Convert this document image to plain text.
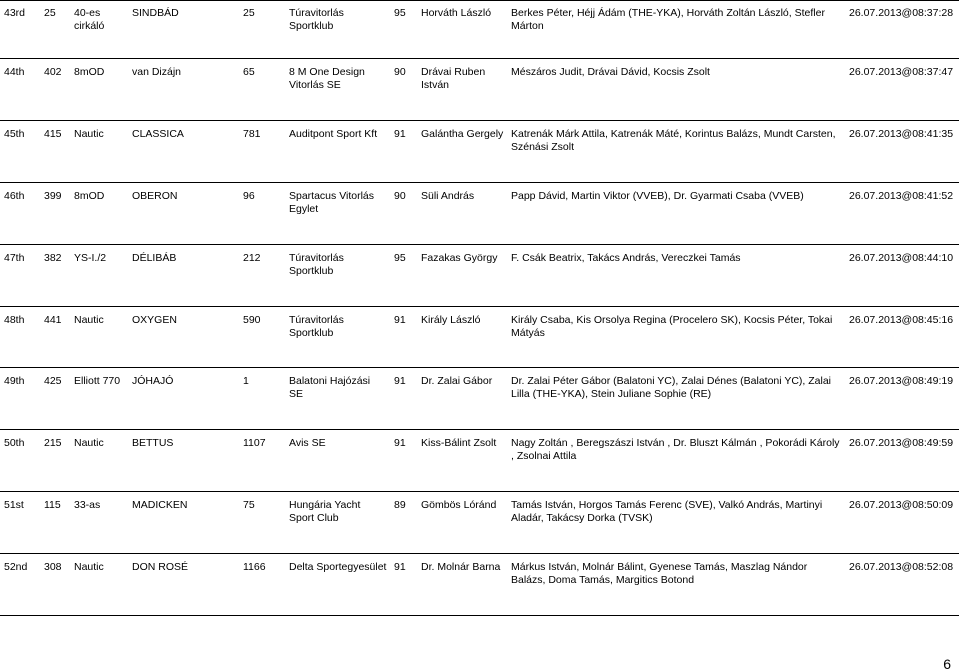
43rd	25	40-es cirkáló	SINDBÁD	25	Túravitorlás Sportklub	95	Horváth László	Berkes Péter, Héjj Ádám (THE-YKA), Horváth Zoltán László, Stefler Márton	26.07.2013@08:37:28
44th	402	8mOD	van Dizájn	65	8 M One Design Vitorlás SE	90	Drávai Ruben István	Mészáros Judit, Drávai Dávid, Kocsis Zsolt	26.07.2013@08:37:47
45th	415	Nautic	CLASSICA	781	Auditpont Sport Kft	91	Galántha Gergely	Katrenák Márk Attila, Katrenák Máté, Korintus Balázs, Mundt Carsten, Szénási Zsolt	26.07.2013@08:41:35
46th	399	8mOD	OBERON	96	Spartacus Vitorlás Egylet	90	Süli András	Papp Dávid, Martin Viktor (VVEB), Dr. Gyarmati Csaba (VVEB)	26.07.2013@08:41:52
47th	382	YS-I./2	DÉLIBÁB	212	Túravitorlás Sportklub	95	Fazakas György	F. Csák Beatrix, Takács András, Vereczkei Tamás	26.07.2013@08:44:10
48th	441	Nautic	OXYGEN	590	Túravitorlás Sportklub	91	Király László	Király Csaba, Kis Orsolya Regina (Procelero SK), Kocsis Péter, Tokai Mátyás	26.07.2013@08:45:16
49th	425	Elliott 770	JÓHAJÓ	1	Balatoni Hajózási SE	91	Dr. Zalai Gábor	Dr. Zalai Péter Gábor (Balatoni YC), Zalai Dénes (Balatoni YC), Zalai Lilla (THE-YKA), Stein Juliane Sophie (RE)	26.07.2013@08:49:19
50th	215	Nautic	BETTUS	1107	Avis SE	91	Kiss-Bálint Zsolt	Nagy Zoltán , Beregszászi István , Dr. Bluszt Kálmán , Pokorádi Károly , Zsolnai Attila	26.07.2013@08:49:59
51st	115	33-as	MADICKEN	75	Hungária Yacht Sport Club	89	Gömbös Lóránd	Tamás István, Horgos Tamás Ferenc (SVE), Valkó András, Martinyi Aladár, Takácsy Dorka (TVSK)	26.07.2013@08:50:09
52nd	308	Nautic	DON ROSÉ	1166	Delta Sportegyesület	91	Dr. Molnár Barna	Márkus István, Molnár Bálint, Gyenese Tamás, Maszlag Nándor Balázs, Doma Tamás, Margitics Botond	26.07.2013@08:52:08
6
